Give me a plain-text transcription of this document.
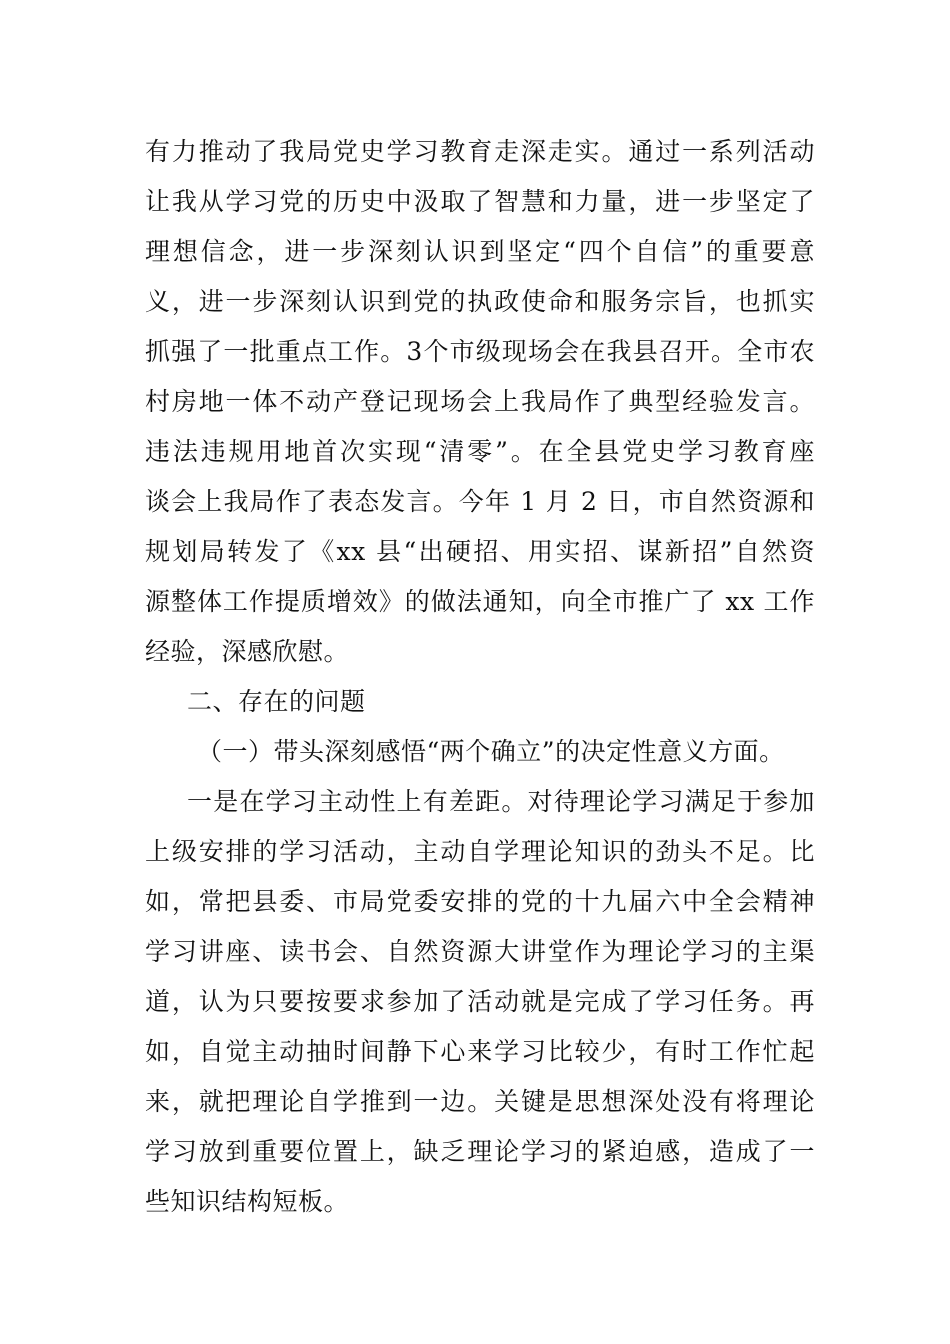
有力推动了我局党史学习教育走深走实。通过一系列活动
让我从学习党的历史中汲取了智慧和力量，进一步坚定了
理想信念，进一步深刻认识到坚定“四个自信”的重要意
义，进一步深刻认识到党的执政使命和服务宗旨，也抓实
抓强了一批重点工作。3个市级现场会在我县召开。全市农
村房地一体不动产登记现场会上我局作了典型经验发言。
违法违规用地首次实现“清零”。在全县党史学习教育座
谈会上我局作了表态发言。今年 1 月 2 日，市自然资源和
规划局转发了《xx 县“出硬招、用实招、谋新招”自然资
源整体工作提质增效》的做法通知，向全市推广了 xx 工作
经验，深感欣慰。
二、存在的问题
（一）带头深刻感悟“两个确立”的决定性意义方面。
一是在学习主动性上有差距。对待理论学习满足于参加
上级安排的学习活动，主动自学理论知识的劲头不足。比
如，常把县委、市局党委安排的党的十九届六中全会精神
学习讲座、读书会、自然资源大讲堂作为理论学习的主渠
道，认为只要按要求参加了活动就是完成了学习任务。再
如，自觉主动抽时间静下心来学习比较少，有时工作忙起
来，就把理论自学推到一边。关键是思想深处没有将理论
学习放到重要位置上，缺乏理论学习的紧迫感，造成了一
些知识结构短板。
